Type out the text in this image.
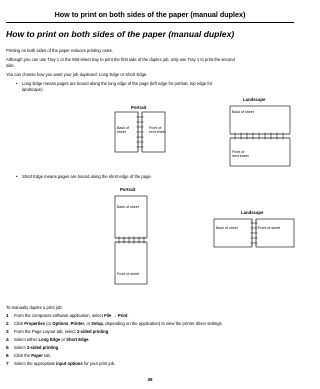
How to print on both sides of the paper (manual duplex)
How to print on both sides of the paper (manual duplex)
Printing on both sides of the paper reduces printing costs.
Although you can use Tray 1 or the 550-sheet tray to print the first side of the duplex job, only use Tray 1 to print the second
side.
You can choose how you want your job duplexed: Long Edge or Short Edge.
• Long Edge means pages are bound along the long edge of the page (left edge for portrait, top edge for
landscape).
Portrait
Landscape
Back of
sheet
Front of
next sheet
Back of sheet
Front of
next sheet
• Short Edge means pages are bound along the short edge of the page.
Portrait
Landscape
Back of sheet
Front of sheet
Back of sheet	Front of sheet
To manually duplex a print job:
1 From the computers software application, select File → Print.
2 Click Properties (or Options, Printer, or Setup, depending on the application) to view the printer driver settings.
3 From the Page Layout tab, select 2-sided printing.
4 Select either Long Edge or Short Edge.
5 Select 2-sided printing.
6 Click the Paper tab.
7 Select the appropriate input options for your print job.
39
